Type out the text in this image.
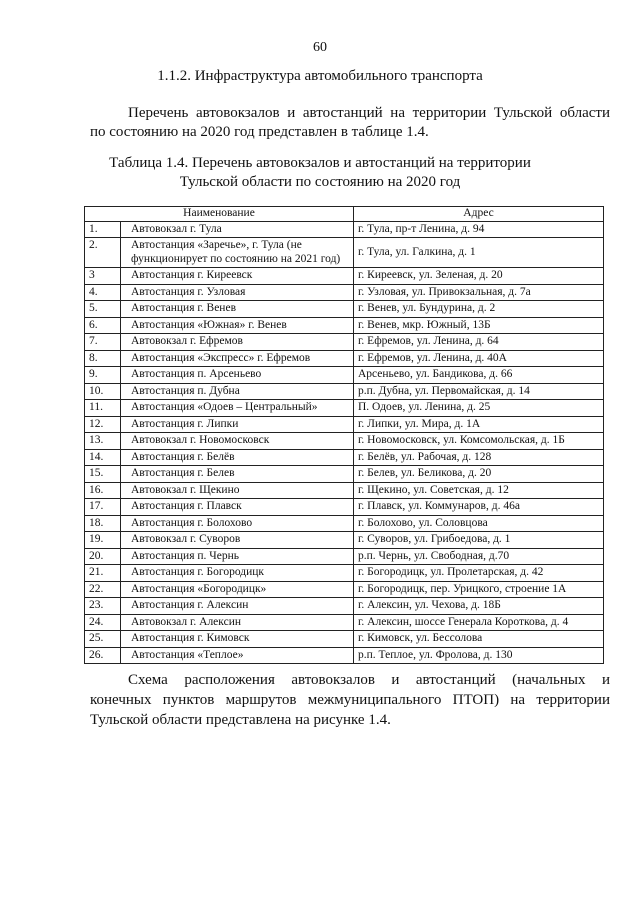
60
1.1.2. Инфраструктура автомобильного транспорта
Перечень автовокзалов и автостанций на территории Тульской области
по состоянию на 2020 год представлен в таблице 1.4.
Таблица 1.4. Перечень автовокзалов и автостанций на территории
Тульской области по состоянию на 2020 год
Наименование		Адрес
1.	Автовокзал г. Тула	г. Тула, пр-т Ленина, д. 94
2.	Автостанция «Заречье», г. Тула (не функционирует по состоянию на 2021 год)	г. Тула, ул. Галкина, д. 1
3	Автостанция г. Киреевск	г. Киреевск, ул. Зеленая, д. 20
4.	Автостанция г. Узловая	г. Узловая, ул. Привокзальная, д. 7а
5.	Автостанция г. Венев	г. Венев, ул. Бундурина, д. 2
6.	Автостанция «Южная» г. Венев	г. Венев, мкр. Южный, 13Б
7.	Автовокзал г. Ефремов	г. Ефремов, ул. Ленина, д. 64
8.	Автостанция «Экспресс» г. Ефремов	г. Ефремов, ул. Ленина, д. 40А
9.	Автостанция п. Арсеньево	Арсеньево, ул. Бандикова, д. 66
10.	Автостанция п. Дубна	р.п. Дубна, ул. Первомайская, д. 14
11.	Автостанция «Одоев – Центральный»	П. Одоев, ул. Ленина, д. 25
12.	Автостанция г. Липки	г. Липки, ул. Мира, д. 1А
13.	Автовокзал г. Новомосковск	г. Новомосковск, ул. Комсомольская, д. 1Б
14.	Автостанция г. Белёв	г. Белёв, ул. Рабочая, д. 128
15.	Автостанция г. Белев	г. Белев, ул. Беликова, д. 20
16.	Автовокзал г. Щекино	г. Щекино, ул. Советская, д. 12
17.	Автостанция г. Плавск	г. Плавск, ул. Коммунаров, д. 46а
18.	Автостанция г. Болохово	г. Болохово, ул. Соловцова
19.	Автовокзал г. Суворов	г. Суворов, ул. Грибоедова, д. 1
20.	Автостанция п. Чернь	р.п. Чернь, ул. Свободная, д.70
21.	Автостанция г. Богородицк	г. Богородицк, ул. Пролетарская, д. 42
22.	Автостанция «Богородицк»	г. Богородицк, пер. Урицкого, строение 1А
23.	Автостанция г. Алексин	г. Алексин, ул. Чехова, д. 18Б
24.	Автовокзал г. Алексин	г. Алексин, шоссе Генерала Короткова, д. 4
25.	Автостанция г. Кимовск	г. Кимовск, ул. Бессолова
26.	Автостанция «Теплое»	р.п. Теплое, ул. Фролова, д. 130
Схема расположения автовокзалов и автостанций (начальных и
конечных пунктов маршрутов межмуниципального ПТОП) на территории
Тульской области представлена на рисунке 1.4.
